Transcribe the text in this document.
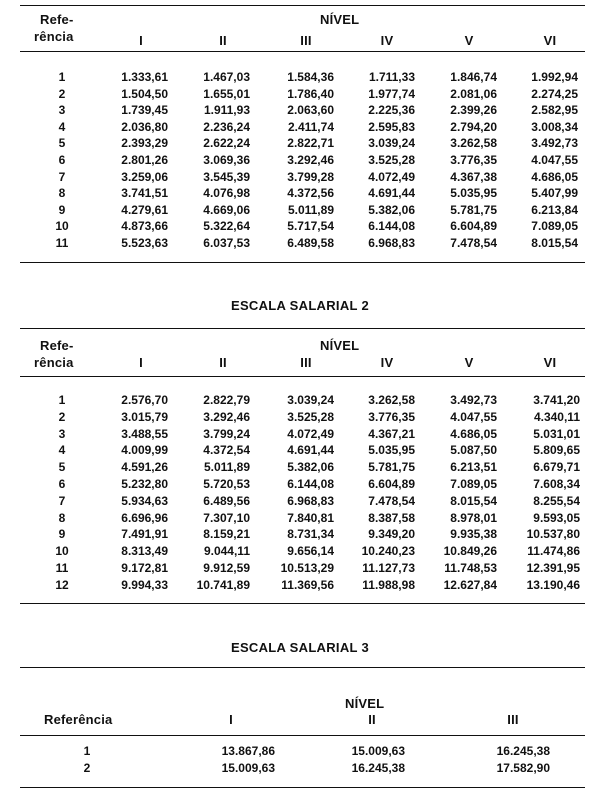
Refe-
rência
NÍVEL
I	II	III	IV	V	VI
1	1.333,61	1.467,03	1.584,36	1.711,33	1.846,74	1.992,94
2	1.504,50	1.655,01	1.786,40	1.977,74	2.081,06	2.274,25
3	1.739,45	1.911,93	2.063,60	2.225,36	2.399,26	2.582,95
4	2.036,80	2.236,24	2.411,74	2.595,83	2.794,20	3.008,34
5	2.393,29	2.622,24	2.822,71	3.039,24	3.262,58	3.492,73
6	2.801,26	3.069,36	3.292,46	3.525,28	3.776,35	4.047,55
7	3.259,06	3.545,39	3.799,28	4.072,49	4.367,38	4.686,05
8	3.741,51	4.076,98	4.372,56	4.691,44	5.035,95	5.407,99
9	4.279,61	4.669,06	5.011,89	5.382,06	5.781,75	6.213,84
10	4.873,66	5.322,64	5.717,54	6.144,08	6.604,89	7.089,05
11	5.523,63	6.037,53	6.489,58	6.968,83	7.478,54	8.015,54
ESCALA SALARIAL 2
Refe-
rência
NÍVEL
I	II	III	IV	V	VI
1	2.576,70	2.822,79	3.039,24	3.262,58	3.492,73	3.741,20
2	3.015,79	3.292,46	3.525,28	3.776,35	4.047,55	4.340,11
3	3.488,55	3.799,24	4.072,49	4.367,21	4.686,05	5.031,01
4	4.009,99	4.372,54	4.691,44	5.035,95	5.087,50	5.809,65
5	4.591,26	5.011,89	5.382,06	5.781,75	6.213,51	6.679,71
6	5.232,80	5.720,53	6.144,08	6.604,89	7.089,05	7.608,34
7	5.934,63	6.489,56	6.968,83	7.478,54	8.015,54	8.255,54
8	6.696,96	7.307,10	7.840,81	8.387,58	8.978,01	9.593,05
9	7.491,91	8.159,21	8.731,34	9.349,20	9.935,38	10.537,80
10	8.313,49	9.044,11	9.656,14	10.240,23	10.849,26	11.474,86
11	9.172,81	9.912,59	10.513,29	11.127,73	11.748,53	12.391,95
12	9.994,33	10.741,89	11.369,56	11.988,98	12.627,84	13.190,46
ESCALA SALARIAL 3
NÍVEL
Referência	I	II	III
1	13.867,86	15.009,63	16.245,38
2	15.009,63	16.245,38	17.582,90
